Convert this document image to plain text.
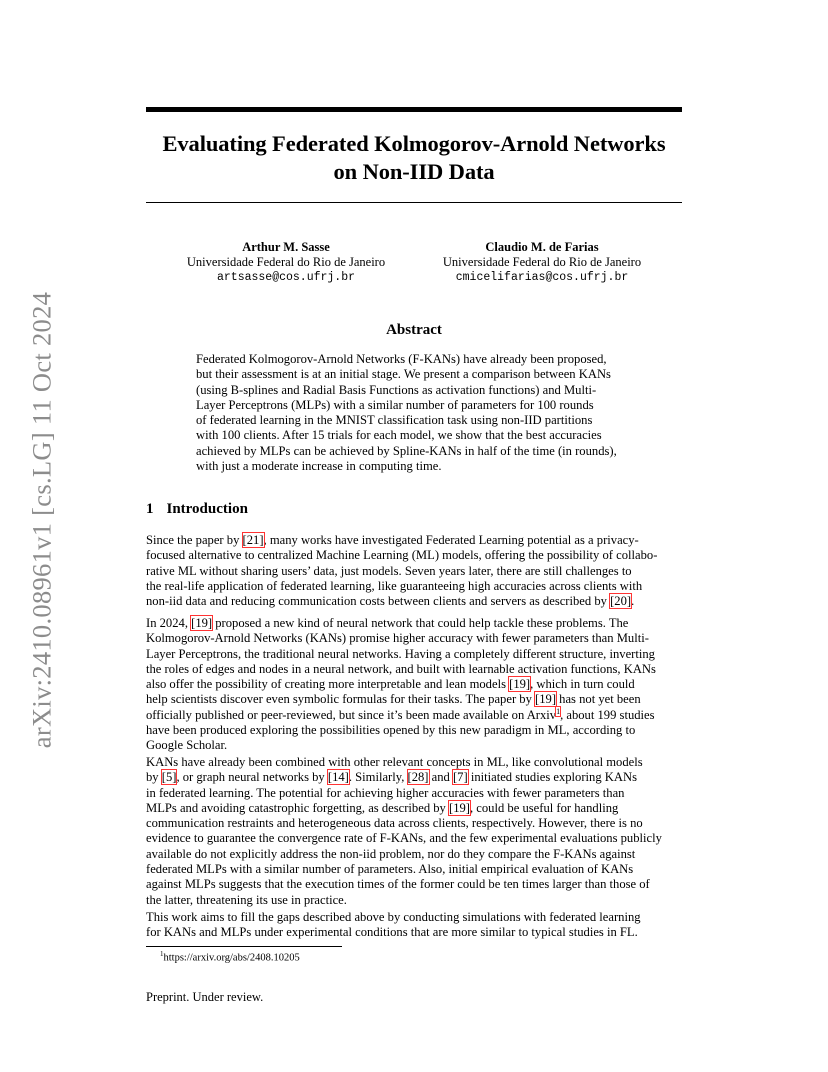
arXiv:2410.08961v1 [cs.LG] 11 Oct 2024
Evaluating Federated Kolmogorov-Arnold Networks
on Non-IID Data
Arthur M. Sasse
Universidade Federal do Rio de Janeiro
artsasse@cos.ufrj.br
Claudio M. de Farias
Universidade Federal do Rio de Janeiro
cmicelifarias@cos.ufrj.br
Abstract
Federated Kolmogorov-Arnold Networks (F-KANs) have already been proposed,
but their assessment is at an initial stage. We present a comparison between KANs
(using B-splines and Radial Basis Functions as activation functions) and Multi-
Layer Perceptrons (MLPs) with a similar number of parameters for 100 rounds
of federated learning in the MNIST classification task using non-IID partitions
with 100 clients. After 15 trials for each model, we show that the best accuracies
achieved by MLPs can be achieved by Spline-KANs in half of the time (in rounds),
with just a moderate increase in computing time.
1 Introduction
Since the paper by [21], many works have investigated Federated Learning potential as a privacy-
focused alternative to centralized Machine Learning (ML) models, offering the possibility of collabo-
rative ML without sharing users’ data, just models. Seven years later, there are still challenges to
the real-life application of federated learning, like guaranteeing high accuracies across clients with
non-iid data and reducing communication costs between clients and servers as described by [20].
In 2024, [19] proposed a new kind of neural network that could help tackle these problems. The
Kolmogorov-Arnold Networks (KANs) promise higher accuracy with fewer parameters than Multi-
Layer Perceptrons, the traditional neural networks. Having a completely different structure, inverting
the roles of edges and nodes in a neural network, and built with learnable activation functions, KANs
also offer the possibility of creating more interpretable and lean models [19], which in turn could
help scientists discover even symbolic formulas for their tasks. The paper by [19] has not yet been
officially published or peer-reviewed, but since it’s been made available on Arxiv$^1$, about 199 studies
have been produced exploring the possibilities opened by this new paradigm in ML, according to
Google Scholar.
KANs have already been combined with other relevant concepts in ML, like convolutional models
by [5], or graph neural networks by [14]. Similarly, [28] and [7] initiated studies exploring KANs
in federated learning. The potential for achieving higher accuracies with fewer parameters than
MLPs and avoiding catastrophic forgetting, as described by [19], could be useful for handling
communication restraints and heterogeneous data across clients, respectively. However, there is no
evidence to guarantee the convergence rate of F-KANs, and the few experimental evaluations publicly
available do not explicitly address the non-iid problem, nor do they compare the F-KANs against
federated MLPs with a similar number of parameters. Also, initial empirical evaluation of KANs
against MLPs suggests that the execution times of the former could be ten times larger than those of
the latter, threatening its use in practice.
This work aims to fill the gaps described above by conducting simulations with federated learning
for KANs and MLPs under experimental conditions that are more similar to typical studies in FL.
$^1$https://arxiv.org/abs/2408.10205
Preprint. Under review.
